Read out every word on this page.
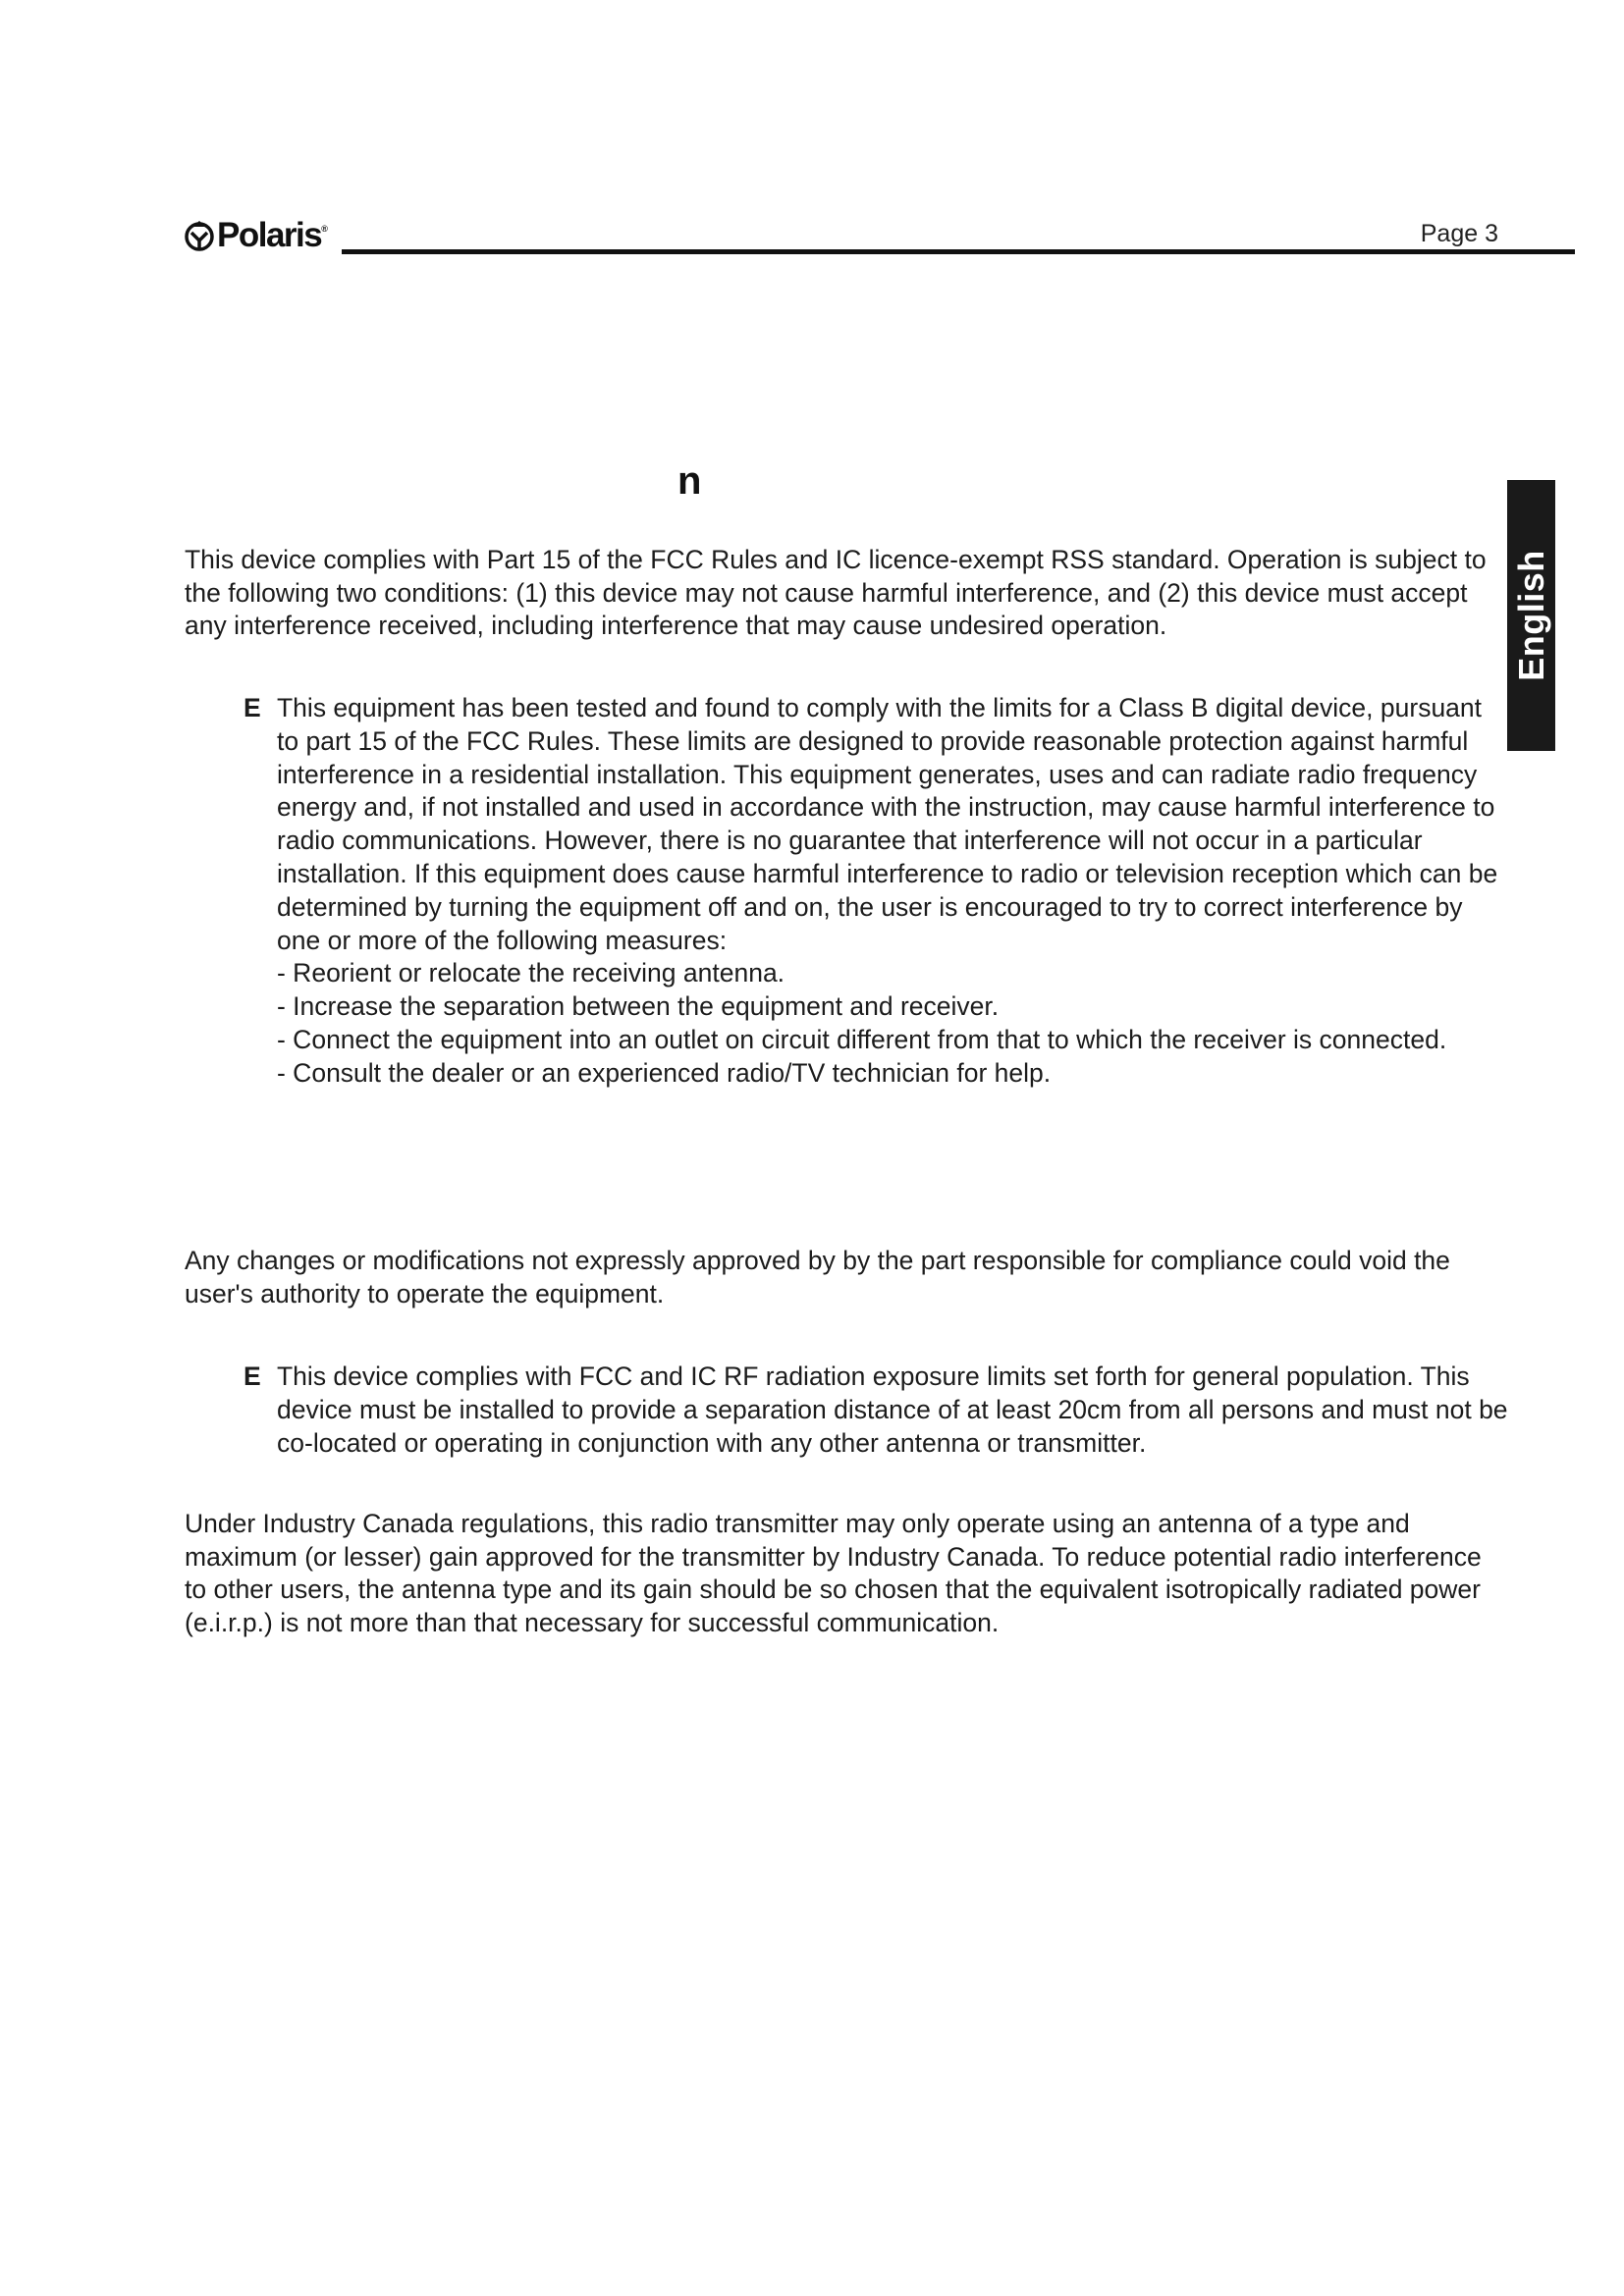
Polaris ®	Page 3
English
n

This device complies with Part 15 of the FCC Rules and IC licence-exempt RSS standard. Operation is subject to the following two conditions: (1) this device may not cause harmful interference, and (2) this device must accept any interference received, including interference that may cause undesired operation.

E This equipment has been tested and found to comply with the limits for a Class B digital device, pursuant to part 15 of the FCC Rules. These limits are designed to provide reasonable protection against harmful interference in a residential installation. This equipment generates, uses and can radiate radio frequency energy and, if not installed and used in accordance with the instruction, may cause harmful interference to radio communications. However, there is no guarantee that interference will not occur in a particular installation. If this equipment does cause harmful interference to radio or television reception which can be determined by turning the equipment off and on, the user is encouraged to try to correct interference by one or more of the following measures:
- Reorient or relocate the receiving antenna.
- Increase the separation between the equipment and receiver.
- Connect the equipment into an outlet on circuit different from that to which the receiver is connected.
- Consult the dealer or an experienced radio/TV technician for help.

Any changes or modifications not expressly approved by by the part responsible for compliance could void the user's authority to operate the equipment.

E This device complies with FCC and IC RF radiation exposure limits set forth for general population. This device must be installed to provide a separation distance of at least 20cm from all persons and must not be co-located or operating in conjunction with any other antenna or transmitter.

Under Industry Canada regulations, this radio transmitter may only operate using an antenna of a type and maximum (or lesser) gain approved for the transmitter by Industry Canada. To reduce potential radio interference to other users, the antenna type and its gain should be so chosen that the equivalent isotropically radiated power (e.i.r.p.) is not more than that necessary for successful communication.
